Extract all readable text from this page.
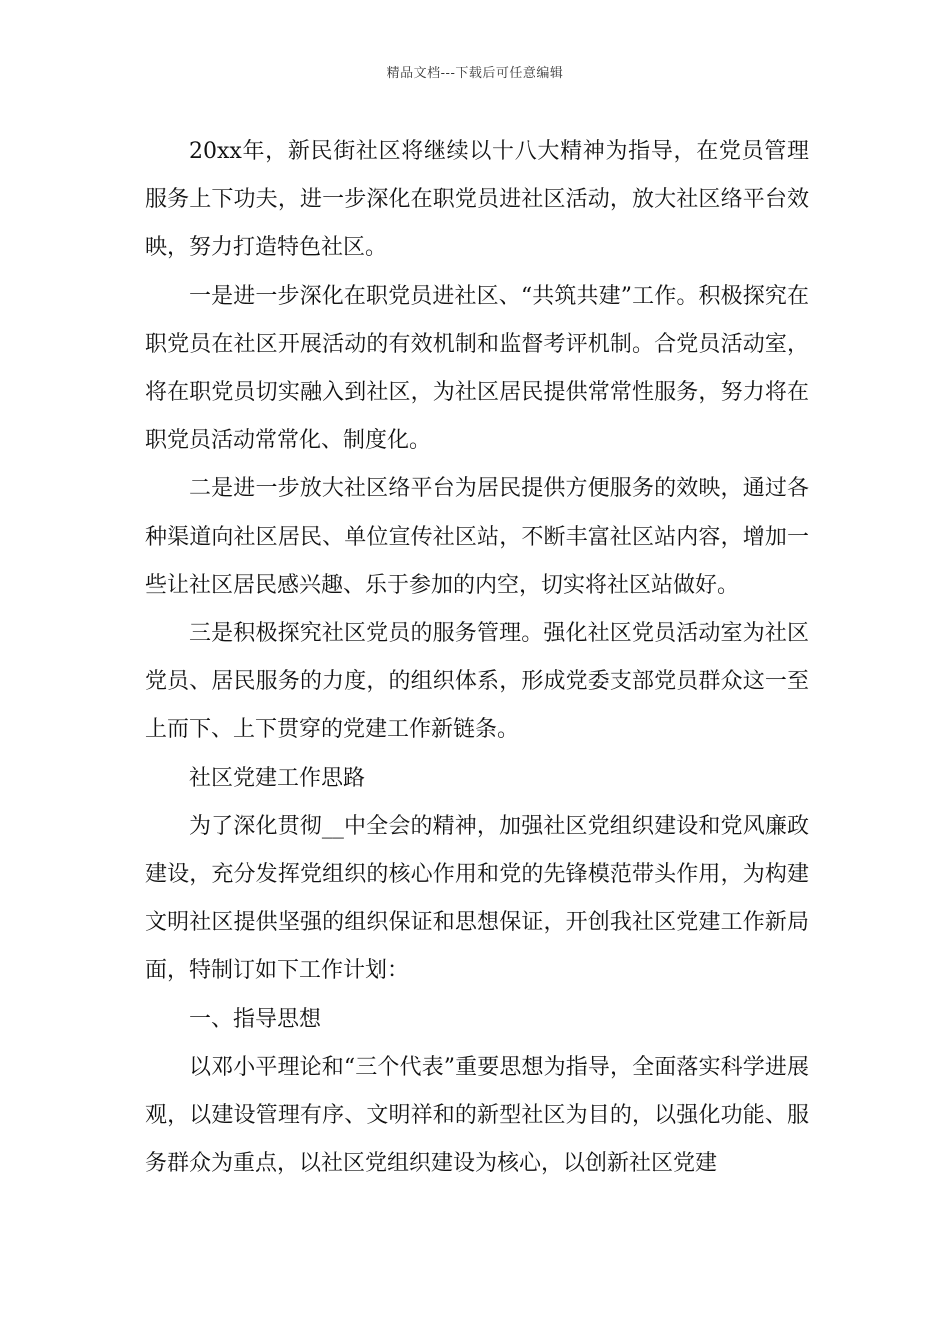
精品文档---下载后可任意编辑

20xx年，新民街社区将继续以十八大精神为指导，在党员管理服务上下功夫，进一步深化在职党员进社区活动，放大社区络平台效映，努力打造特色社区。

一是进一步深化在职党员进社区、“共筑共建”工作。积极探究在职党员在社区开展活动的有效机制和监督考评机制。合党员活动室，将在职党员切实融入到社区，为社区居民提供常常性服务，努力将在职党员活动常常化、制度化。

二是进一步放大社区络平台为居民提供方便服务的效映，通过各种渠道向社区居民、单位宣传社区站，不断丰富社区站内容，增加一些让社区居民感兴趣、乐于参加的内空，切实将社区站做好。

三是积极探究社区党员的服务管理。强化社区党员活动室为社区党员、居民服务的力度，的组织体系，形成党委支部党员群众这一至上而下、上下贯穿的党建工作新链条。

社区党建工作思路

为了深化贯彻__中全会的精神，加强社区党组织建设和党风廉政建设，充分发挥党组织的核心作用和党的先锋模范带头作用，为构建文明社区提供坚强的组织保证和思想保证，开创我社区党建工作新局面，特制订如下工作计划：

一、指导思想

以邓小平理论和“三个代表”重要思想为指导，全面落实科学进展观，以建设管理有序、文明祥和的新型社区为目的，以强化功能、服务群众为重点，以社区党组织建设为核心，以创新社区党建
